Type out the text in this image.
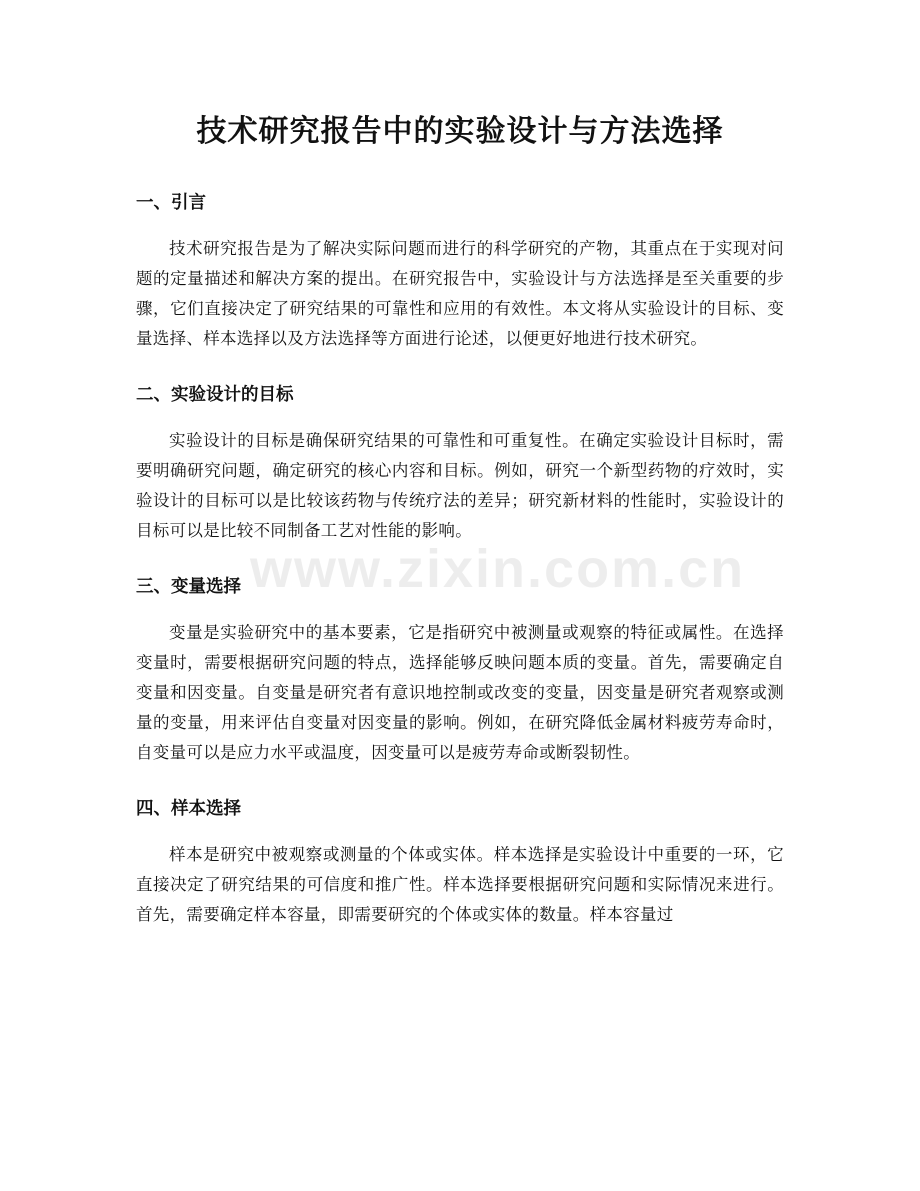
技术研究报告中的实验设计与方法选择
一、引言

技术研究报告是为了解决实际问题而进行的科学研究的产物，其重点在于实现对问题的定量描述和解决方案的提出。在研究报告中，实验设计与方法选择是至关重要的步骤，它们直接决定了研究结果的可靠性和应用的有效性。本文将从实验设计的目标、变量选择、样本选择以及方法选择等方面进行论述，以便更好地进行技术研究。

二、实验设计的目标

实验设计的目标是确保研究结果的可靠性和可重复性。在确定实验设计目标时，需要明确研究问题，确定研究的核心内容和目标。例如，研究一个新型药物的疗效时，实验设计的目标可以是比较该药物与传统疗法的差异；研究新材料的性能时，实验设计的目标可以是比较不同制备工艺对性能的影响。

三、变量选择

变量是实验研究中的基本要素，它是指研究中被测量或观察的特征或属性。在选择变量时，需要根据研究问题的特点，选择能够反映问题本质的变量。首先，需要确定自变量和因变量。自变量是研究者有意识地控制或改变的变量，因变量是研究者观察或测量的变量，用来评估自变量对因变量的影响。例如，在研究降低金属材料疲劳寿命时，自变量可以是应力水平或温度，因变量可以是疲劳寿命或断裂韧性。

四、样本选择

样本是研究中被观察或测量的个体或实体。样本选择是实验设计中重要的一环，它直接决定了研究结果的可信度和推广性。样本选择要根据研究问题和实际情况来进行。首先，需要确定样本容量，即需要研究的个体或实体的数量。样本容量过

www.zixin.com.cn
